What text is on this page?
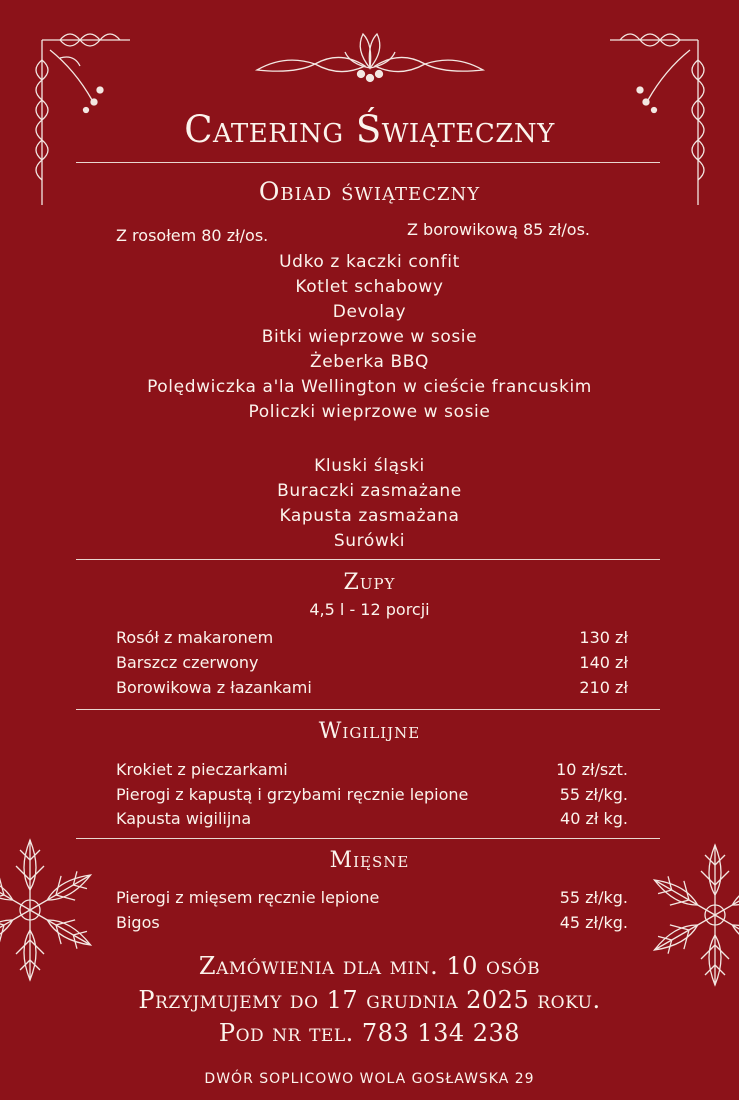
Catering Świąteczny
Obiad świąteczny
Z rosołem 80 zł/os.	Z borowikową 85 zł/os.
Udko z kaczki confit
Kotlet schabowy
Devolay
Bitki wieprzowe w sosie
Żeberka BBQ
Polędwiczka a'la Wellington w cieście francuskim
Policzki wieprzowe w sosie
Kluski śląski
Buraczki zasmażane
Kapusta zasmażana
Surówki
Zupy
4,5 l - 12 porcji
Rosół z makaronem	130 zł
Barszcz czerwony	140 zł
Borowikowa z łazankami	210 zł
Wigilijne
Krokiet z pieczarkami	10 zł/szt.
Pierogi z kapustą i grzybami ręcznie lepione	55 zł/kg.
Kapusta wigilijna	40 zł kg.
Mięsne
Pierogi z mięsem ręcznie lepione	55 zł/kg.
Bigos	45 zł/kg.
Zamówienia dla min. 10 osób
Przyjmujemy do 17 grudnia 2025 roku.
Pod nr tel. 783 134 238
DWÓR SOPLICOWO WOLA GOSŁAWSKA 29
